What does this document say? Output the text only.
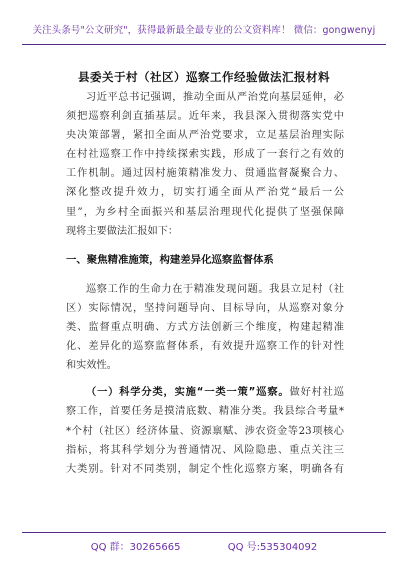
关注头条号"公文研究"，获得最新最全最专业的公文资料库！ 微信：gongwenyj
县委关于村（社区）巡察工作经验做法汇报材料
习近平总书记强调，推动全面从严治党向基层延伸，必
须把巡察利剑直插基层。近年来，我县深入贯彻落实党中
央决策部署，紧扣全面从严治党要求，立足基层治理实际
在村社巡察工作中持续探索实践，形成了一套行之有效的
工作机制。通过因村施策精准发力、贯通监督凝聚合力、
深化整改提升效力，切实打通全面从严治党“最后一公
里”，为乡村全面振兴和基层治理现代化提供了坚强保障
现将主要做法汇报如下：
一、聚焦精准施策，构建差异化巡察监督体系
巡察工作的生命力在于精准发现问题。我县立足村（社
区）实际情况，坚持问题导向、目标导向，从巡察对象分
类、监督重点明确、方式方法创新三个维度，构建起精准
化、差异化的巡察监督体系，有效提升巡察工作的针对性
和实效性。
（一）科学分类，实施“一类一策”巡察。做好村社巡
察工作，首要任务是摸清底数、精准分类。我县综合考量*
*个村（社区）经济体量、资源禀赋、涉农资金等23项核心
指标，将其科学划分为普通情况、风险隐患、重点关注三
大类别。针对不同类别，制定个性化巡察方案，明确各有
QQ 群：30265665	QQ 号:535304092
